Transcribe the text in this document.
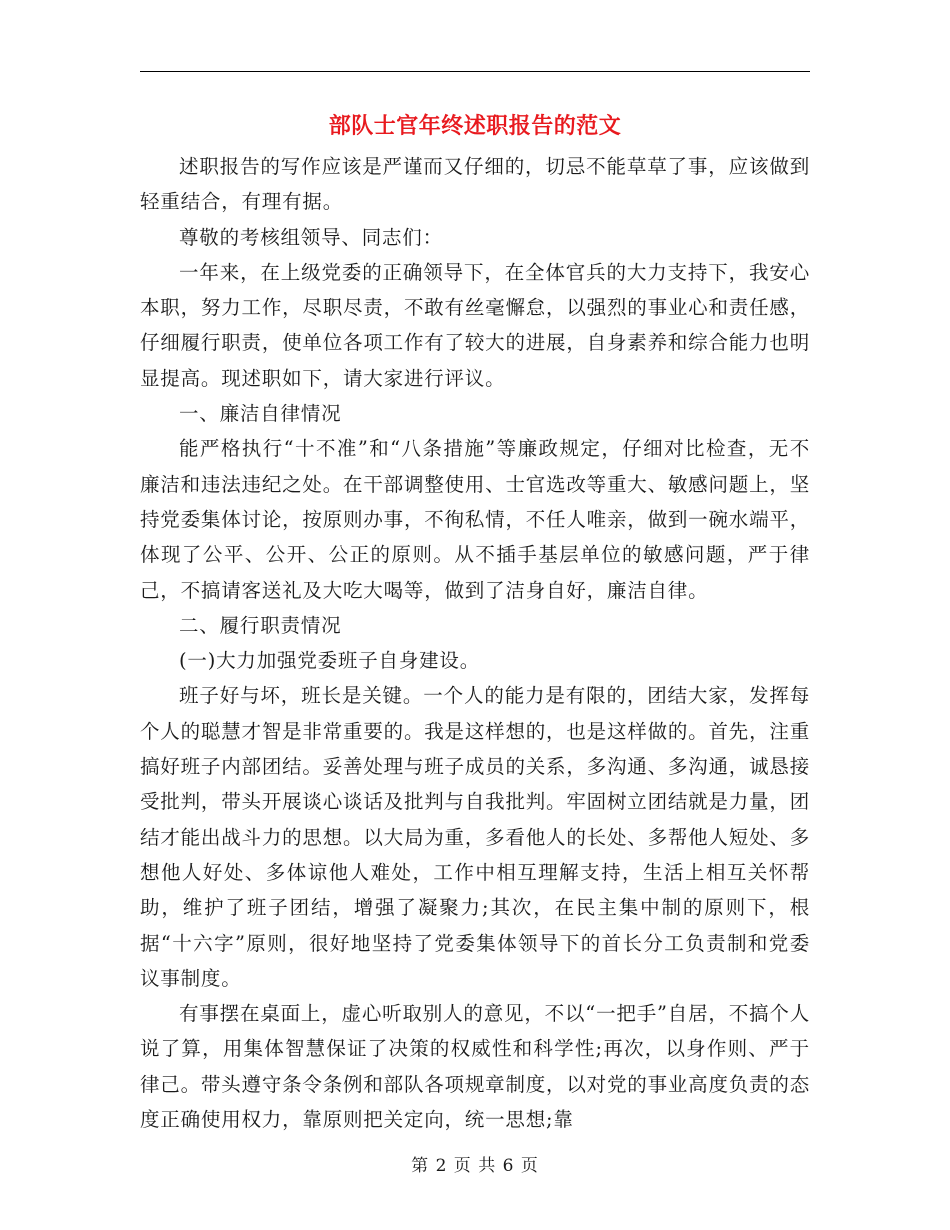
部队士官年终述职报告的范文

述职报告的写作应该是严谨而又仔细的，切忌不能草草了事，应该做到轻重结合，有理有据。

尊敬的考核组领导、同志们：

一年来，在上级党委的正确领导下，在全体官兵的大力支持下，我安心本职，努力工作，尽职尽责，不敢有丝毫懈怠，以强烈的事业心和责任感，仔细履行职责，使单位各项工作有了较大的进展，自身素养和综合能力也明显提高。现述职如下，请大家进行评议。

一、廉洁自律情况

能严格执行“十不准”和“八条措施”等廉政规定，仔细对比检查，无不廉洁和违法违纪之处。在干部调整使用、士官选改等重大、敏感问题上，坚持党委集体讨论，按原则办事，不徇私情，不任人唯亲，做到一碗水端平，体现了公平、公开、公正的原则。从不插手基层单位的敏感问题，严于律己，不搞请客送礼及大吃大喝等，做到了洁身自好，廉洁自律。

二、履行职责情况

(一)大力加强党委班子自身建设。

班子好与坏，班长是关键。一个人的能力是有限的，团结大家，发挥每个人的聪慧才智是非常重要的。我是这样想的，也是这样做的。首先，注重搞好班子内部团结。妥善处理与班子成员的关系，多沟通、多沟通，诚恳接受批判，带头开展谈心谈话及批判与自我批判。牢固树立团结就是力量，团结才能出战斗力的思想。以大局为重，多看他人的长处、多帮他人短处、多想他人好处、多体谅他人难处，工作中相互理解支持，生活上相互关怀帮助，维护了班子团结，增强了凝聚力;其次，在民主集中制的原则下，根据“十六字”原则，很好地坚持了党委集体领导下的首长分工负责制和党委议事制度。

有事摆在桌面上，虚心听取别人的意见，不以“一把手”自居，不搞个人说了算，用集体智慧保证了决策的权威性和科学性;再次，以身作则、严于律己。带头遵守条令条例和部队各项规章制度，以对党的事业高度负责的态度正确使用权力，靠原则把关定向，统一思想;靠

第 2 页 共 6 页
